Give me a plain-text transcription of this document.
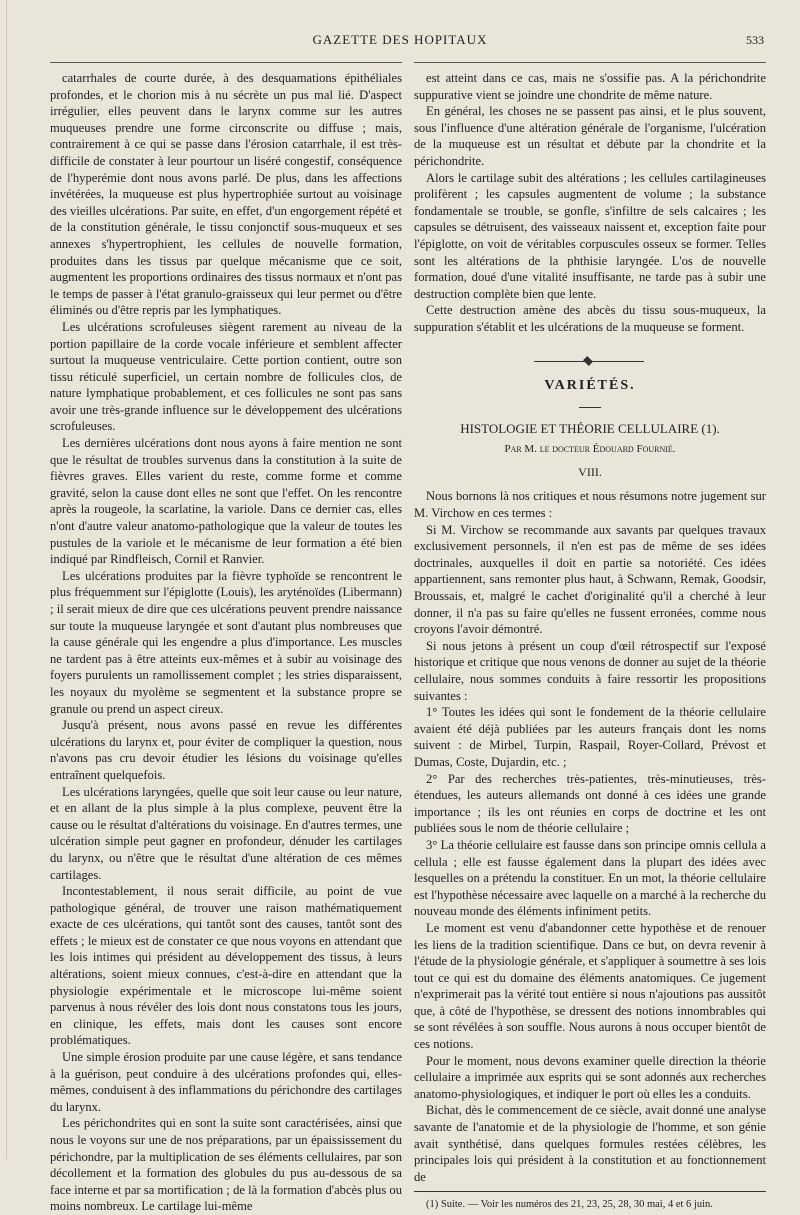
GAZETTE DES HOPITAUX	533

catarrhales de courte durée, à des desquamations épithéliales profondes, et le chorion mis à nu sécrète un pus mal lié. D'aspect irrégulier, elles peuvent dans le larynx comme sur les autres muqueuses prendre une forme circonscrite ou diffuse ; mais, contrairement à ce qui se passe dans l'érosion catarrhale, il est très-difficile de constater à leur pourtour un liséré congestif, conséquence de l'hyperémie dont nous avons parlé. De plus, dans les affections invétérées, la muqueuse est plus hypertrophiée surtout au voisinage des vieilles ulcérations. Par suite, en effet, d'un engorgement répété et de la constitution générale, le tissu conjonctif sous-muqueux et ses annexes s'hypertrophient, les cellules de nouvelle formation, produites dans les tissus par quelque mécanisme que ce soit, augmentent les proportions ordinaires des tissus normaux et n'ont pas le temps de passer à l'état granulo-graisseux qui leur permet ou d'être éliminés ou d'être repris par les lymphatiques.

Les ulcérations scrofuleuses siègent rarement au niveau de la portion papillaire de la corde vocale inférieure et semblent affecter surtout la muqueuse ventriculaire. Cette portion contient, outre son tissu réticulé superficiel, un certain nombre de follicules clos, de nature lymphatique probablement, et ces follicules ne sont pas sans avoir une très-grande influence sur le développement des ulcérations scrofuleuses.

Les dernières ulcérations dont nous ayons à faire mention ne sont que le résultat de troubles survenus dans la constitution à la suite de fièvres graves. Elles varient du reste, comme forme et comme gravité, selon la cause dont elles ne sont que l'effet. On les rencontre après la rougeole, la scarlatine, la variole. Dans ce dernier cas, elles n'ont d'autre valeur anatomo-pathologique que la valeur de toutes les pustules de la variole et le mécanisme de leur formation a été bien indiqué par Rindfleisch, Cornil et Ranvier.

Les ulcérations produites par la fièvre typhoïde se rencontrent le plus fréquemment sur l'épiglotte (Louis), les aryténoïdes (Libermann) ; il serait mieux de dire que ces ulcérations peuvent prendre naissance sur toute la muqueuse laryngée et sont d'autant plus nombreuses que la cause générale qui les engendre a plus d'importance. Les muscles ne tardent pas à être atteints eux-mêmes et à subir au voisinage des foyers purulents un ramollissement complet ; les stries disparaissent, les noyaux du myolème se segmentent et la substance propre se granule ou prend un aspect cireux.

Jusqu'à présent, nous avons passé en revue les différentes ulcérations du larynx et, pour éviter de compliquer la question, nous n'avons pas cru devoir étudier les lésions du voisinage qu'elles entraînent quelquefois.

Les ulcérations laryngées, quelle que soit leur cause ou leur nature, et en allant de la plus simple à la plus complexe, peuvent être la cause ou le résultat d'altérations du voisinage. En d'autres termes, une ulcération simple peut gagner en profondeur, dénuder les cartilages du larynx, ou n'être que le résultat d'une altération de ces mêmes cartilages.

Incontestablement, il nous serait difficile, au point de vue pathologique général, de trouver une raison mathématiquement exacte de ces ulcérations, qui tantôt sont des causes, tantôt sont des effets ; le mieux est de constater ce que nous voyons en attendant que les lois intimes qui président au développement des tissus, à leurs altérations, soient mieux connues, c'est-à-dire en attendant que la physiologie expérimentale et le microscope lui-même soient parvenus à nous révéler des lois dont nous constatons tous les jours, en clinique, les effets, mais dont les causes sont encore problématiques.

Une simple érosion produite par une cause légère, et sans tendance à la guérison, peut conduire à des ulcérations profondes qui, elles-mêmes, conduisent à des inflammations du périchondre des cartilages du larynx.

Les périchondrites qui en sont la suite sont caractérisées, ainsi que nous le voyons sur une de nos préparations, par un épaississement du périchondre, par la multiplication de ses éléments cellulaires, par son décollement et la formation des globules du pus au-dessous de sa face interne et par sa mortification ; de là la formation d'abcès plus ou moins nombreux. Le cartilage lui-même

est atteint dans ce cas, mais ne s'ossifie pas. A la périchondrite suppurative vient se joindre une chondrite de même nature.

En général, les choses ne se passent pas ainsi, et le plus souvent, sous l'influence d'une altération générale de l'organisme, l'ulcération de la muqueuse est un résultat et débute par la chondrite et la périchondrite.

Alors le cartilage subit des altérations ; les cellules cartilagineuses prolifèrent ; les capsules augmentent de volume ; la substance fondamentale se trouble, se gonfle, s'infiltre de sels calcaires ; les capsules se détruisent, des vaisseaux naissent et, exception faite pour l'épiglotte, on voit de véritables corpuscules osseux se former. Telles sont les altérations de la phthisie laryngée. L'os de nouvelle formation, doué d'une vitalité insuffisante, ne tarde pas à subir une destruction complète bien que lente.

Cette destruction amène des abcès du tissu sous-muqueux, la suppuration s'établit et les ulcérations de la muqueuse se forment.

VARIÉTÉS.
HISTOLOGIE ET THÉORIE CELLULAIRE (1).
Par M. le docteur Édouard Fournié.
VIII.

Nous bornons là nos critiques et nous résumons notre jugement sur M. Virchow en ces termes :

Si M. Virchow se recommande aux savants par quelques travaux exclusivement personnels, il n'en est pas de même de ses idées doctrinales, auxquelles il doit en partie sa notoriété. Ces idées appartiennent, sans remonter plus haut, à Schwann, Remak, Goodsir, Broussais, et, malgré le cachet d'originalité qu'il a cherché à leur donner, il n'a pas su faire qu'elles ne fussent erronées, comme nous croyons l'avoir démontré.

Si nous jetons à présent un coup d'œil rétrospectif sur l'exposé historique et critique que nous venons de donner au sujet de la théorie cellulaire, nous sommes conduits à faire ressortir les propositions suivantes :

1° Toutes les idées qui sont le fondement de la théorie cellulaire avaient été déjà publiées par les auteurs français dont les noms suivent : de Mirbel, Turpin, Raspail, Royer-Collard, Prévost et Dumas, Coste, Dujardin, etc. ;

2° Par des recherches très-patientes, très-minutieuses, très-étendues, les auteurs allemands ont donné à ces idées une grande importance ; ils les ont réunies en corps de doctrine et les ont publiées sous le nom de théorie cellulaire ;

3° La théorie cellulaire est fausse dans son principe omnis cellula a cellula ; elle est fausse également dans la plupart des idées avec lesquelles on a prétendu la constituer. En un mot, la théorie cellulaire est l'hypothèse nécessaire avec laquelle on a marché à la recherche du nouveau monde des éléments infiniment petits.

Le moment est venu d'abandonner cette hypothèse et de renouer les liens de la tradition scientifique. Dans ce but, on devra revenir à l'étude de la physiologie générale, et s'appliquer à soumettre à ses lois tout ce qui est du domaine des éléments anatomiques. Ce jugement n'exprimerait pas la vérité tout entière si nous n'ajoutions pas aussitôt que, à côté de l'hypothèse, se dressent des notions innombrables qui se sont révélées à son souffle. Nous aurons à nous occuper bientôt de ces notions.

Pour le moment, nous devons examiner quelle direction la théorie cellulaire a imprimée aux esprits qui se sont adonnés aux recherches anatomo-physiologiques, et indiquer le port où elles les a conduits.

Bichat, dès le commencement de ce siècle, avait donné une analyse savante de l'anatomie et de la physiologie de l'homme, et son génie avait synthétisé, dans quelques formules restées célèbres, les principales lois qui président à la constitution et au fonctionnement de

(1) Suite. — Voir les numéros des 21, 23, 25, 28, 30 mai, 4 et 6 juin.
